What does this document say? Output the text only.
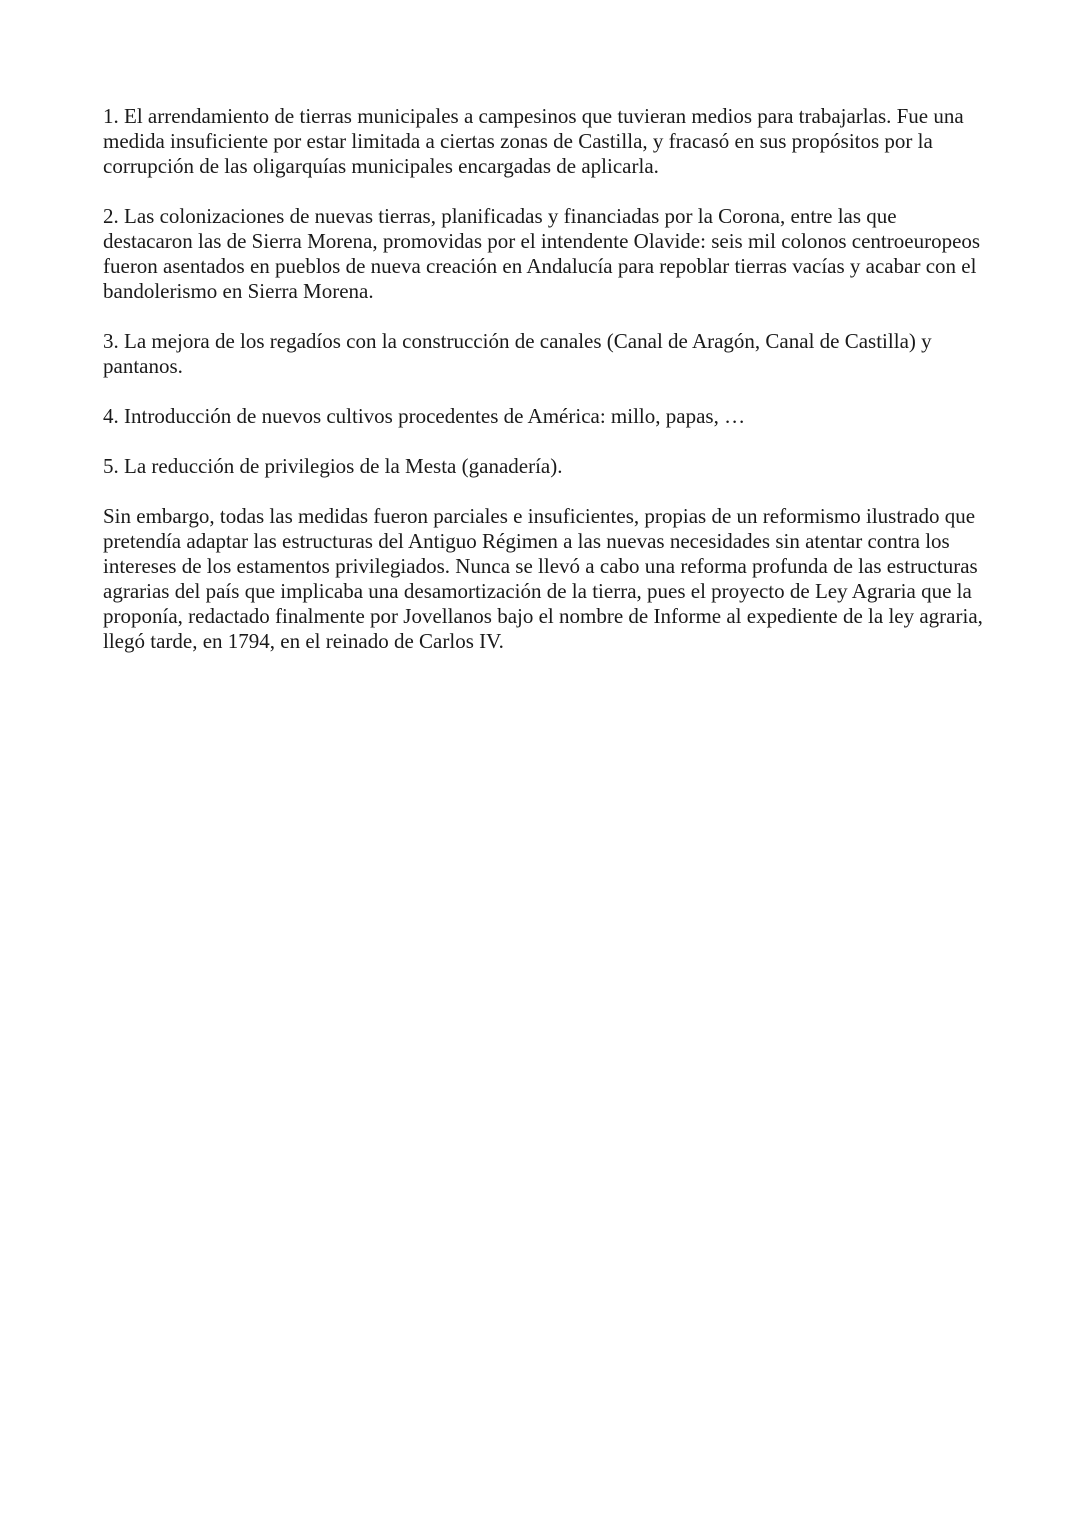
1. El arrendamiento de tierras municipales a campesinos que tuvieran medios para trabajarlas. Fue una medida insuficiente por estar limitada a ciertas zonas de Castilla, y fracasó en sus propósitos por la corrupción de las oligarquías municipales encargadas de aplicarla.

2. Las colonizaciones de nuevas tierras, planificadas y financiadas por la Corona, entre las que destacaron las de Sierra Morena, promovidas por el intendente Olavide: seis mil colonos centroeuropeos fueron asentados en pueblos de nueva creación en Andalucía para repoblar tierras vacías y acabar con el bandolerismo en Sierra Morena.

3. La mejora de los regadíos con la construcción de canales (Canal de Aragón, Canal de Castilla) y pantanos.

4. Introducción de nuevos cultivos procedentes de América: millo, papas, …

5. La reducción de privilegios de la Mesta (ganadería).

Sin embargo, todas las medidas fueron parciales e insuficientes, propias de un reformismo ilustrado que pretendía adaptar las estructuras del Antiguo Régimen a las nuevas necesidades sin atentar contra los intereses de los estamentos privilegiados. Nunca se llevó a cabo una reforma profunda de las estructuras agrarias del país que implicaba una desamortización de la tierra, pues el proyecto de Ley Agraria que la proponía, redactado finalmente por Jovellanos bajo el nombre de Informe al expediente de la ley agraria, llegó tarde, en 1794, en el reinado de Carlos IV.
